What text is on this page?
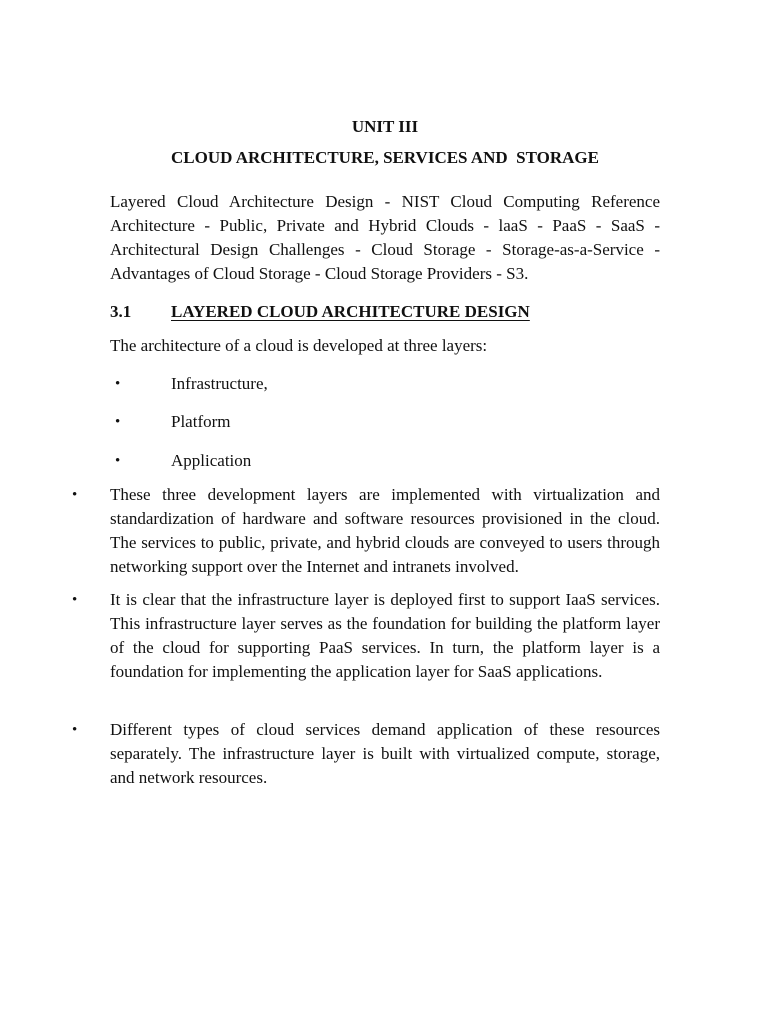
UNIT III
CLOUD ARCHITECTURE, SERVICES AND  STORAGE

Layered Cloud Architecture Design - NIST Cloud Computing Reference Architecture - Public, Private and Hybrid Clouds - laaS - PaaS - SaaS - Architectural Design Challenges - Cloud Storage - Storage-as-a-Service - Advantages of Cloud Storage - Cloud Storage Providers - S3.

3.1 LAYERED CLOUD ARCHITECTURE DESIGN

The architecture of a cloud is developed at three layers:

•	Infrastructure,
•	Platform
•	Application
• These three development layers are implemented with virtualization and standardization of hardware and software resources provisioned in the cloud. The services to public, private, and hybrid clouds are conveyed to users through networking support over the Internet and intranets involved.

• It is clear that the infrastructure layer is deployed first to support IaaS services. This infrastructure layer serves as the foundation for building the platform layer of the cloud for supporting PaaS services. In turn, the platform layer is a foundation for implementing the application layer for SaaS applications.

• Different types of cloud services demand application of these resources separately. The infrastructure layer is built with virtualized compute, storage, and network resources.
